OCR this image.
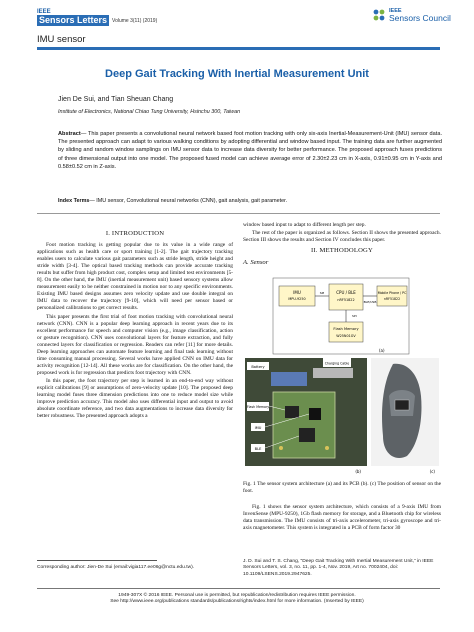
IEEE
Sensors Letters	Volume 3(11) (2019)
IMU sensor
IEEE
Sensors Council
Deep Gait Tracking With Inertial Measurement Unit
Jien De Sui, and Tian Sheuan Chang
Institute of Electronics, National Chiao Tung University, Hsinchu 300, Taiwan
Abstract— This paper presents a convolutional neural network based foot motion tracking with only six-axis Inertial-Measurement-Unit (IMU) sensor data. The presented approach can adapt to various walking conditions by adopting differential and window based input. The training data are further augmented by sliding and random window samplings on IMU sensor data to increase data diversity for better performance. The proposed approach fuses predictions of three dimensional output into one model. The proposed fused model can achieve average error of 2.30±2.23 cm in X-axis, 0.91±0.95 cm in Y-axis and 0.58±0.52 cm in Z-axis.
Index Terms— IMU sensor, Convolutional neural networks (CNN), gait analysis, gait parameter.
I. INTRODUCTION

Foot motion tracking is getting popular due to its value in a wide range of applications such as health care or sport training [1-2]. The gait trajectory tracking enables users to calculate various gait parameters such as stride length, stride height and stride width [3-4]. The optical based tracking methods can provide accurate tracking results but suffer from high product cost, complex setup and limited test environments [5-8]. On the other hand, the IMU (inertial measurement unit) based sensory systems allow measurement easily to be neither constrained in motion nor to any specific environments. Existing IMU based designs assumes zero velocity update and use double integral on IMU data to recover the trajectory [9-10], which will need per sensor based or personalized calibrations to get correct results.

This paper presents the first trial of foot motion tracking with convolutional neural network (CNN). CNN is a popular deep learning approach in recent years due to its excellent performance for speech and computer vision (e.g., image classification, action or gesture recognition). CNN uses convolutional layers for feature extraction, and fully connected layers for classification or regression. Readers can refer [11] for more details. Deep learning approaches can automate feature learning and final task learning without time consuming manual processing. Several works have applied CNN on IMU data for activity recognition [12-14]. All these works are for classification. On the other hand, the proposed work is for regression that predicts foot trajectory with CNN.

In this paper, the foot trajectory per step is learned in an end-to-end way without explicit calibrations [9] or assumptions of zero-velocity update [10]. The proposed deep learning model fuses three dimension predictions into one to reduce model size while improve prediction accuracy. This model also uses differential input and output to avoid absolute coordinate reference, and two data augmentations to increase data diversity for better robustness. The presented approach adopts a

window based input to adapt to different length per step.

The rest of the paper is organized as follows. Section II shows the presented approach. Section III shows the results and Section IV concludes this paper.

II. METHODOLOGY
A. Sensor
IMU
MPU-9250
CPU / BLE
nRF51822
Mobile Phone / PC
nRF51822
Flash Memory
W25N01GV
SPI
SPI
BLE/USB
(a)
Battery
Charging Cable
Flash Memory
IMU
BLE
(b)	(c)
Fig. 1 The sensor system architecture (a) and its PCB (b). (c) The position of sensor on the foot.

Fig. 1 shows the sensor system architecture, which consists of a 9-axis IMU from InvenSense (MPU-9250), 1Gb flash memory for storage, and a Bluetooth chip for wireless data transmission. The IMU consists of tri-axis accelerometer, tri-axis gyroscope and tri-axis magnetometer. This system is integrated in a PCB of form factor 30

Corresponding author: Jien-De Sui (email:vigia117.ee06g@nctu.edu.tw).
J. D. Sui and T. S. Chang, "Deep Gait Tracking With Inertial Measurement Unit," in IEEE Sensors Letters, vol. 3, no. 11, pp. 1-4, Nov. 2019, Art no. 7002404, doi: 10.1109/LSENS.2019.2947625.
1949-307X © 2016 IEEE. Personal use is permitted, but republication/redistribution requires IEEE permission.
See http://www.ieee.org/publications standards/publications/rights/index.html for more information. (Inserted by IEEE)
